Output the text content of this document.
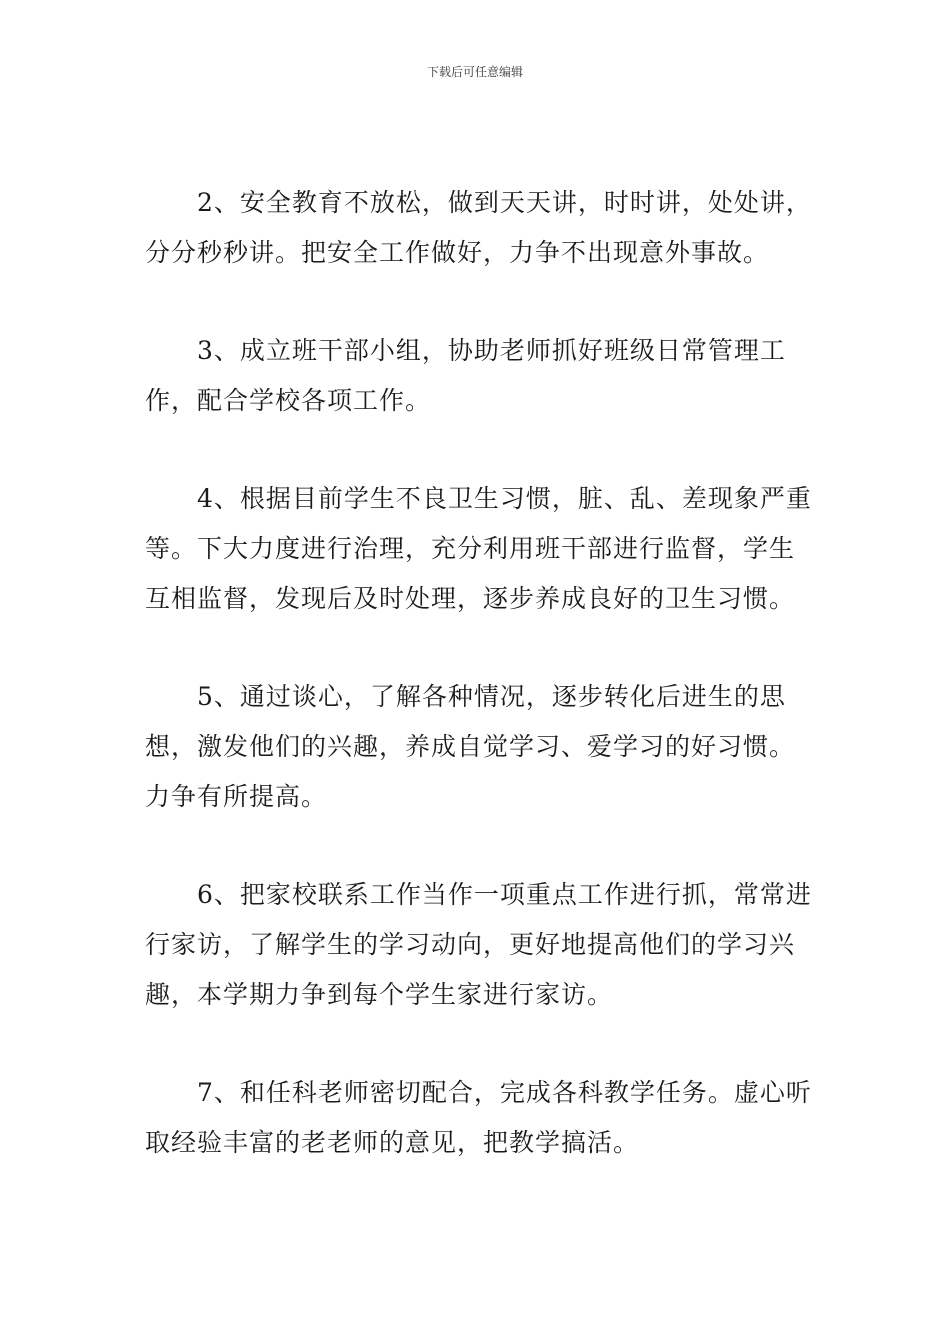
下载后可任意编辑

2、安全教育不放松，做到天天讲，时时讲，处处讲，分分秒秒讲。把安全工作做好，力争不出现意外事故。

3、成立班干部小组，协助老师抓好班级日常管理工作，配合学校各项工作。

4、根据目前学生不良卫生习惯，脏、乱、差现象严重等。下大力度进行治理，充分利用班干部进行监督，学生互相监督，发现后及时处理，逐步养成良好的卫生习惯。

5、通过谈心，了解各种情况，逐步转化后进生的思想，激发他们的兴趣，养成自觉学习、爱学习的好习惯。力争有所提高。

6、把家校联系工作当作一项重点工作进行抓，常常进行家访，了解学生的学习动向，更好地提高他们的学习兴趣，本学期力争到每个学生家进行家访。

7、和任科老师密切配合，完成各科教学任务。虚心听取经验丰富的老老师的意见，把教学搞活。
